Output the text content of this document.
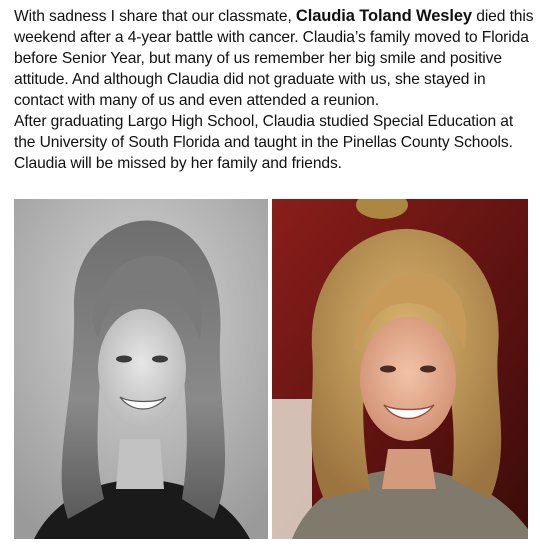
With sadness I share that our classmate, Claudia Toland Wesley died this weekend after a 4-year battle with cancer. Claudia’s family moved to Florida before Senior Year, but many of us remember her big smile and positive attitude. And although Claudia did not graduate with us, she stayed in contact with many of us and even attended a reunion.

After graduating Largo High School, Claudia studied Special Education at the University of South Florida and taught in the Pinellas County Schools. Claudia will be missed by her family and friends.
